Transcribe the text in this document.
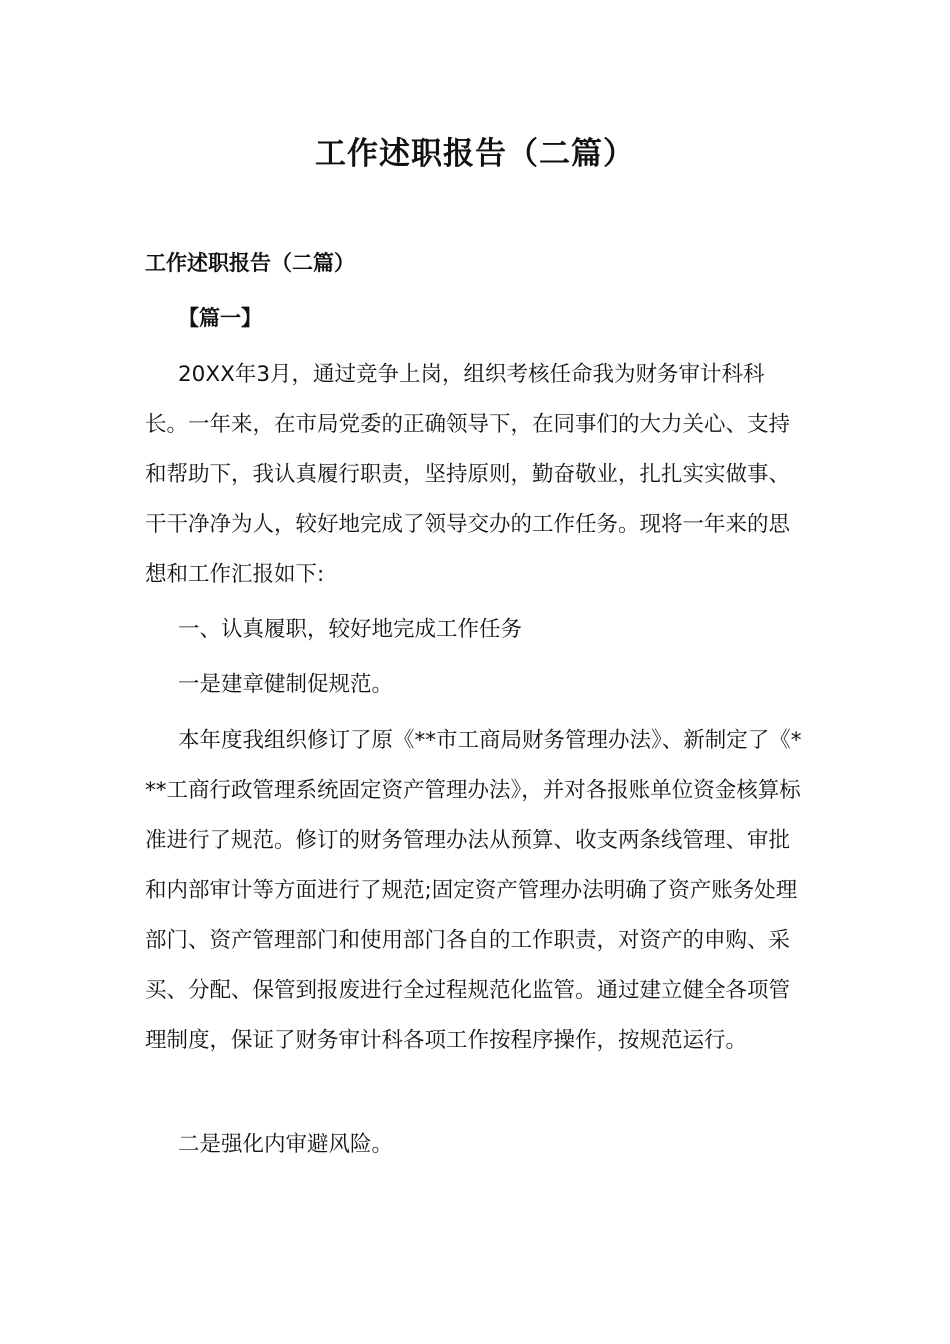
工作述职报告（二篇）
工作述职报告（二篇）
【篇一】

20XX年3月，通过竞争上岗，组织考核任命我为财务审计科科长。一年来，在市局党委的正确领导下，在同事们的大力关心、支持和帮助下，我认真履行职责，坚持原则，勤奋敬业，扎扎实实做事、干干净净为人，较好地完成了领导交办的工作任务。现将一年来的思想和工作汇报如下:

一、认真履职，较好地完成工作任务

一是建章健制促规范。

本年度我组织修订了原《**市工商局财务管理办法》、新制定了《***工商行政管理系统固定资产管理办法》，并对各报账单位资金核算标准进行了规范。修订的财务管理办法从预算、收支两条线管理、审批和内部审计等方面进行了规范;固定资产管理办法明确了资产账务处理部门、资产管理部门和使用部门各自的工作职责，对资产的申购、采买、分配、保管到报废进行全过程规范化监管。通过建立健全各项管理制度，保证了财务审计科各项工作按程序操作，按规范运行。

二是强化内审避风险。
